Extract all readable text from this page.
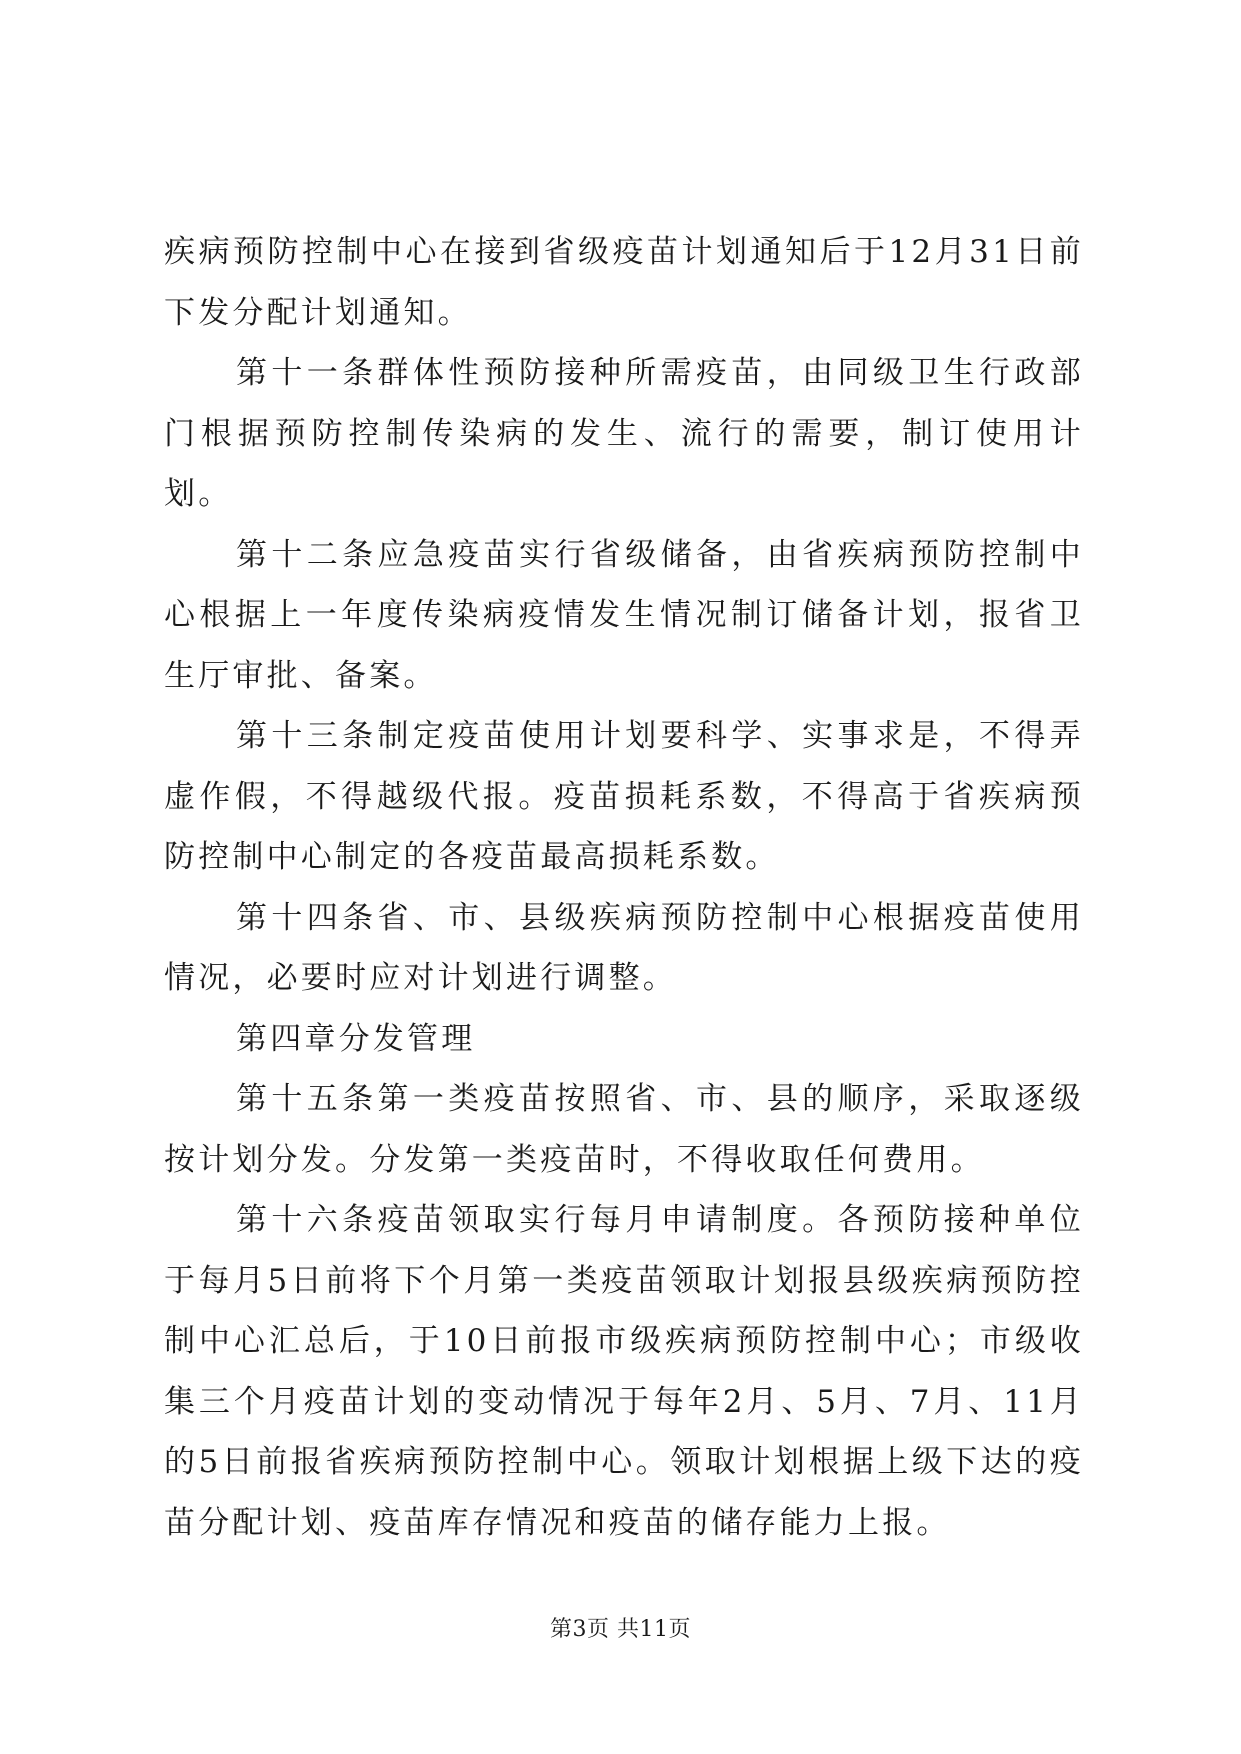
疾病预防控制中心在接到省级疫苗计划通知后于12月31日前下发分配计划通知。

第十一条群体性预防接种所需疫苗，由同级卫生行政部门根据预防控制传染病的发生、流行的需要，制订使用计划。

第十二条应急疫苗实行省级储备，由省疾病预防控制中心根据上一年度传染病疫情发生情况制订储备计划，报省卫生厅审批、备案。

第十三条制定疫苗使用计划要科学、实事求是，不得弄虚作假，不得越级代报。疫苗损耗系数，不得高于省疾病预防控制中心制定的各疫苗最高损耗系数。

第十四条省、市、县级疾病预防控制中心根据疫苗使用情况，必要时应对计划进行调整。

第四章分发管理

第十五条第一类疫苗按照省、市、县的顺序，采取逐级按计划分发。分发第一类疫苗时，不得收取任何费用。

第十六条疫苗领取实行每月申请制度。各预防接种单位于每月5日前将下个月第一类疫苗领取计划报县级疾病预防控制中心汇总后，于10日前报市级疾病预防控制中心；市级收集三个月疫苗计划的变动情况于每年2月、5月、7月、11月的5日前报省疾病预防控制中心。领取计划根据上级下达的疫苗分配计划、疫苗库存情况和疫苗的储存能力上报。

第3页 共11页
